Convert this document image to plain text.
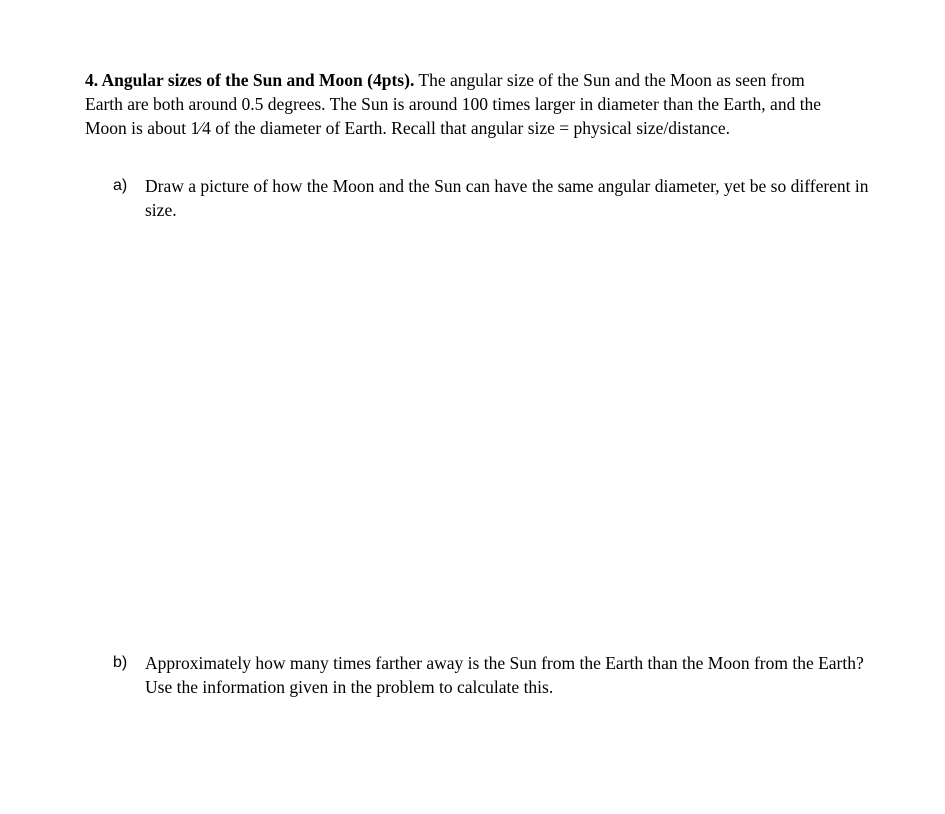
4. Angular sizes of the Sun and Moon (4pts). The angular size of the Sun and the Moon as seen from Earth are both around 0.5 degrees. The Sun is around 100 times larger in diameter than the Earth, and the Moon is about 1⁄4 of the diameter of Earth. Recall that angular size = physical size/distance.
a) Draw a picture of how the Moon and the Sun can have the same angular diameter, yet be so different in size.
b) Approximately how many times farther away is the Sun from the Earth than the Moon from the Earth? Use the information given in the problem to calculate this.
